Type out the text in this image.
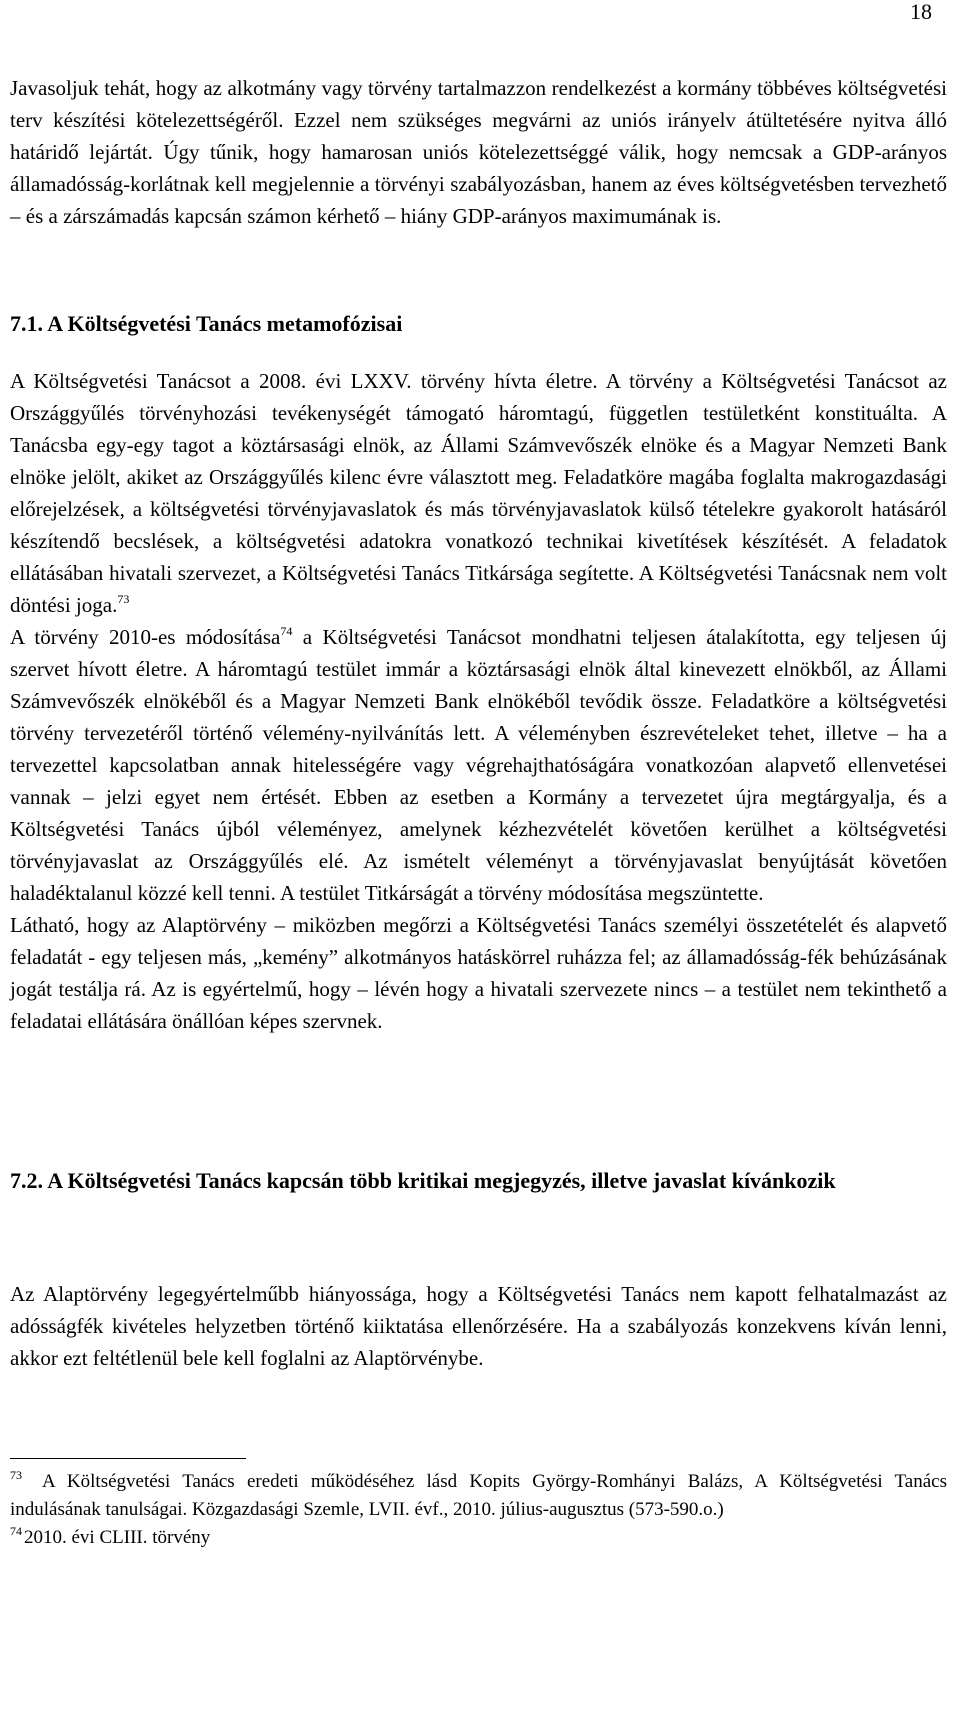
18

Javasoljuk tehát, hogy az alkotmány vagy törvény tartalmazzon rendelkezést a kormány többéves költségvetési terv készítési kötelezettségéről. Ezzel nem szükséges megvárni az uniós irányelv átültetésére nyitva álló határidő lejártát. Úgy tűnik, hogy hamarosan uniós kötelezettséggé válik, hogy nemcsak a GDP-arányos államadósság-korlátnak kell megjelennie a törvényi szabályozásban, hanem az éves költségvetésben tervezhető – és a zárszámadás kapcsán számon kérhető – hiány GDP-arányos maximumának is.

7.1. A Költségvetési Tanács metamofózisai

A Költségvetési Tanácsot a 2008. évi LXXV. törvény hívta életre. A törvény a Költségvetési Tanácsot az Országgyűlés törvényhozási tevékenységét támogató háromtagú, független testületként konstituálta. A Tanácsba egy-egy tagot a köztársasági elnök, az Állami Számvevőszék elnöke és a Magyar Nemzeti Bank elnöke jelölt, akiket az Országgyűlés kilenc évre választott meg. Feladatköre magába foglalta makrogazdasági előrejelzések, a költségvetési törvényjavaslatok és más törvényjavaslatok külső tételekre gyakorolt hatásáról készítendő becslések, a költségvetési adatokra vonatkozó technikai kivetítések készítését. A feladatok ellátásában hivatali szervezet, a Költségvetési Tanács Titkársága segítette. A Költségvetési Tanácsnak nem volt döntési joga.$^{73}$

A törvény 2010-es módosítása$^{74}$ a Költségvetési Tanácsot mondhatni teljesen átalakította, egy teljesen új szervet hívott életre. A háromtagú testület immár a köztársasági elnök által kinevezett elnökből, az Állami Számvevőszék elnökéből és a Magyar Nemzeti Bank elnökéből tevődik össze. Feladatköre a költségvetési törvény tervezetéről történő vélemény-nyilvánítás lett. A véleményben észrevételeket tehet, illetve – ha a tervezettel kapcsolatban annak hitelességére vagy végrehajthatóságára vonatkozóan alapvető ellenvetései vannak – jelzi egyet nem értését. Ebben az esetben a Kormány a tervezetet újra megtárgyalja, és a Költségvetési Tanács újból véleményez, amelynek kézhezvételét követően kerülhet a költségvetési törvényjavaslat az Országgyűlés elé. Az ismételt véleményt a törvényjavaslat benyújtását követően haladéktalanul közzé kell tenni. A testület Titkárságát a törvény módosítása megszüntette.

Látható, hogy az Alaptörvény – miközben megőrzi a Költségvetési Tanács személyi összetételét és alapvető feladatát - egy teljesen más, „kemény” alkotmányos hatáskörrel ruházza fel; az államadósság-fék behúzásának jogát testálja rá. Az is egyértelmű, hogy – lévén hogy a hivatali szervezete nincs – a testület nem tekinthető a feladatai ellátására önállóan képes szervnek.

7.2. A Költségvetési Tanács kapcsán több kritikai megjegyzés, illetve javaslat kívánkozik

Az Alaptörvény legegyértelműbb hiányossága, hogy a Költségvetési Tanács nem kapott felhatalmazást az adósságfék kivételes helyzetben történő kiiktatása ellenőrzésére. Ha a szabályozás konzekvens kíván lenni, akkor ezt feltétlenül bele kell foglalni az Alaptörvénybe.

$^{73}$ A Költségvetési Tanács eredeti működéséhez lásd Kopits György-Romhányi Balázs, A Költségvetési Tanács indulásának tanulságai. Közgazdasági Szemle, LVII. évf., 2010. július-augusztus (573-590.o.)

$^{74}$ 2010. évi CLIII. törvény
